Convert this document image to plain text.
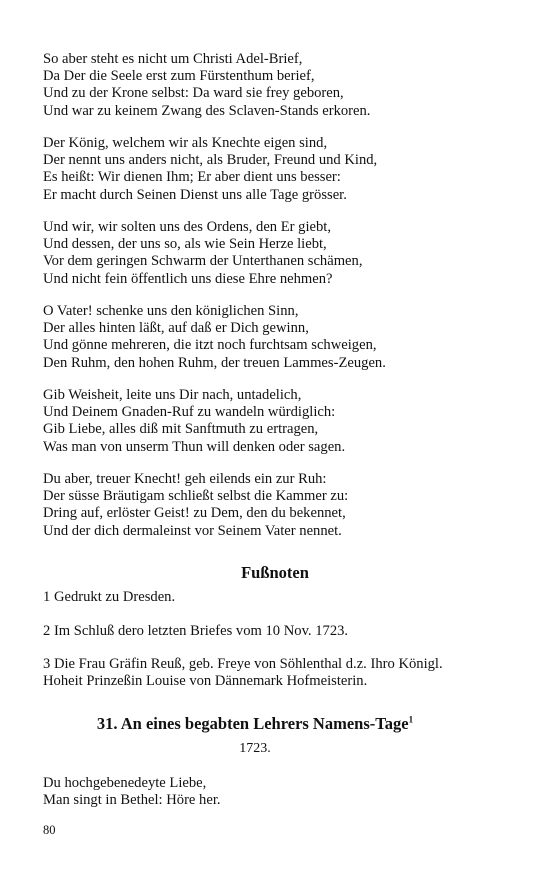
So aber steht es nicht um Christi Adel-Brief,
Da Der die Seele erst zum Fürstenthum berief,
Und zu der Krone selbst: Da ward sie frey geboren,
Und war zu keinem Zwang des Sclaven-Stands erkoren.
Der König, welchem wir als Knechte eigen sind,
Der nennt uns anders nicht, als Bruder, Freund und Kind,
Es heißt: Wir dienen Ihm; Er aber dient uns besser:
Er macht durch Seinen Dienst uns alle Tage grösser.
Und wir, wir solten uns des Ordens, den Er giebt,
Und dessen, der uns so, als wie Sein Herze liebt,
Vor dem geringen Schwarm der Unterthanen schämen,
Und nicht fein öffentlich uns diese Ehre nehmen?
O Vater! schenke uns den königlichen Sinn,
Der alles hinten läßt, auf daß er Dich gewinn,
Und gönne mehreren, die itzt noch furchtsam schweigen,
Den Ruhm, den hohen Ruhm, der treuen Lammes-Zeugen.
Gib Weisheit, leite uns Dir nach, untadelich,
Und Deinem Gnaden-Ruf zu wandeln würdiglich:
Gib Liebe, alles diß mit Sanftmuth zu ertragen,
Was man von unserm Thun will denken oder sagen.
Du aber, treuer Knecht! geh eilends ein zur Ruh:
Der süsse Bräutigam schließt selbst die Kammer zu:
Dring auf, erlöster Geist! zu Dem, den du bekennet,
Und der dich dermaleinst vor Seinem Vater nennet.
Fußnoten
1 Gedrukt zu Dresden.
2 Im Schluß dero letzten Briefes vom 10 Nov. 1723.
3 Die Frau Gräfin Reuß, geb. Freye von Söhlenthal d.z. Ihro Königl.
Hoheit Prinzeßin Louise von Dännemark Hofmeisterin.
31. An eines begabten Lehrers Namens-Tage$^1$
1723.
Du hochgebenedeyte Liebe,
Man singt in Bethel: Höre her.
80
